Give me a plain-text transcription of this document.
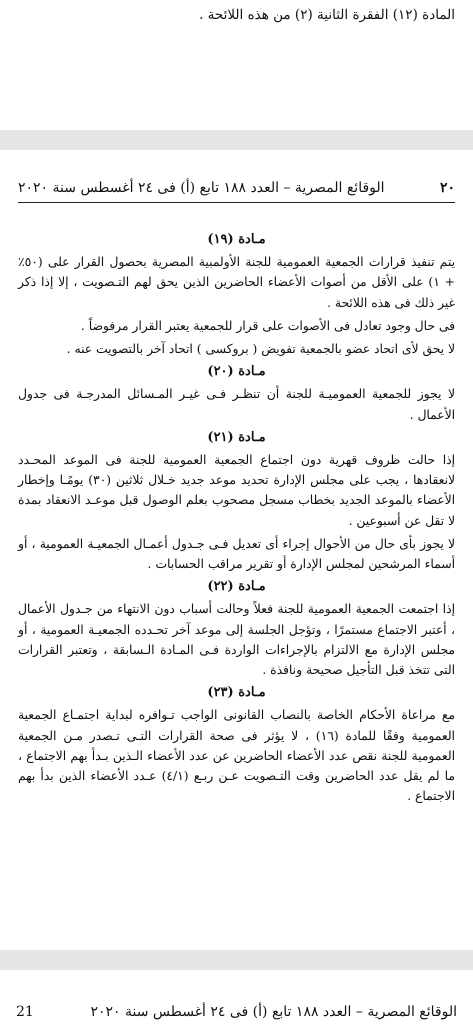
المادة (١٢) الفقرة الثانية (٢) من هذه اللائحة .
٢٠
الوقائع المصرية – العدد ١٨٨ تابع (أ) فى ٢٤ أغسطس سنة ٢٠٢٠
مـادة (١٩)

يتم تنفيذ قرارات الجمعية العمومية للجنة الأولمبية المصرية بحصول القرار على (٥٠٪ + ١) على الأقل من أصوات الأعضاء الحاضرين الذين يحق لهم التـصويت ، إلا إذا ذكر غير ذلك فى هذه اللائحة .

فى حال وجود تعادل فى الأصوات على قرار للجمعية يعتبر القرار مرفوضاً .

لا يحق لأى اتحاد عضو بالجمعية تفويض ( بروكسى ) اتحاد آخر بالتصويت عنه .

مـادة (٢٠)

لا يجوز للجمعية العموميـة للجنة أن تنظـر فـى غيـر المـسائل المدرجـة فى جدول الأعمال .

مـادة (٢١)

إذا حالت ظروف قهرية دون اجتماع الجمعية العمومية للجنة فى الموعد المحـدد لانعقادها ، يجب على مجلس الإدارة تحديد موعد جديد خـلال ثلاثين (٣٠) يومًـا وإخطار الأعضاء بالموعد الجديد بخطاب مسجل مصحوب بعلم الوصول قبل موعـد الانعقاد بمدة لا تقل عن أسبوعين .

لا يجوز بأى حال من الأحوال إجراء أى تعديل فـى جـدول أعمـال الجمعيـة العمومية ، أو أسماء المرشحين لمجلس الإدارة أو تقرير مراقب الحسابات .

مـادة (٢٢)

إذا اجتمعت الجمعية العمومية للجنة فعلاً وحالت أسباب دون الانتهاء من جـدول الأعمال ، أعتبر الاجتماع مستمرًا ، وتؤجل الجلسة إلى موعد آخر تحـدده الجمعيـة العمومية ، أو مجلس الإدارة مع الالتزام بالإجراءات الواردة فـى المـادة الـسابقة ، وتعتبر القرارات التى تتخذ قبل التأجيل صحيحة ونافذة .

مـادة (٢٣)

مع مراعاة الأحكام الخاصة بالنصاب القانونى الواجب تـوافره لبداية اجتمـاع الجمعية العمومية وفقًا للمادة (١٦) ، لا يؤثر فى صحة القرارات التـى تـصدر مـن الجمعية العمومية للجنة نقص عدد الأعضاء الحاضرين عن عدد الأعضاء الـذين بـدأ بهم الاجتماع ، ما لم يقل عدد الحاضرين وقت التـصويت عـن ربـع (٤/١) عـدد الأعضاء الذين بدأ بهم الاجتماع .

الوقائع المصرية – العدد ١٨٨ تابع (أ) فى ٢٤ أغسطس سنة ٢٠٢٠
21
